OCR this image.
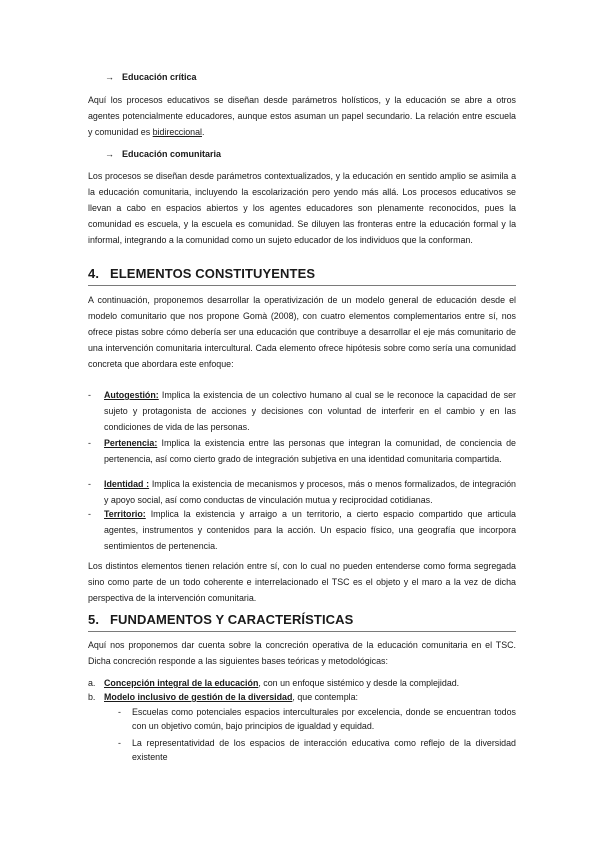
→ Educación crítica

Aquí los procesos educativos se diseñan desde parámetros holísticos, y la educación se abre a otros agentes potencialmente educadores, aunque estos asuman un papel secundario. La relación entre escuela y comunidad es bidireccional.

→ Educación comunitaria

Los procesos se diseñan desde parámetros contextualizados, y la educación en sentido amplio se asimila a la educación comunitaria, incluyendo la escolarización pero yendo más allá. Los procesos educativos se llevan a cabo en espacios abiertos y los agentes educadores son plenamente reconocidos, pues la comunidad es escuela, y la escuela es comunidad. Se diluyen las fronteras entre la educación formal y la informal, integrando a la comunidad como un sujeto educador de los individuos que la conforman.

4. ELEMENTOS CONSTITUYENTES

A continuación, proponemos desarrollar la operativización de un modelo general de educación desde el modelo comunitario que nos propone Gomà (2008), con cuatro elementos complementarios entre sí, nos ofrece pistas sobre cómo debería ser una educación que contribuye a desarrollar el eje más comunitario de una intervención comunitaria intercultural. Cada elemento ofrece hipótesis sobre como sería una comunidad concreta que abordara este enfoque:

- Autogestión: Implica la existencia de un colectivo humano al cual se le reconoce la capacidad de ser sujeto y protagonista de acciones y decisiones con voluntad de interferir en el cambio y en las condiciones de vida de las personas.
- Pertenencia: Implica la existencia entre las personas que integran la comunidad, de conciencia de pertenencia, así como cierto grado de integración subjetiva en una identidad comunitaria compartida.
- Identidad : Implica la existencia de mecanismos y procesos, más o menos formalizados, de integración y apoyo social, así como conductas de vinculación mutua y reciprocidad cotidianas.
- Territorio: Implica la existencia y arraigo a un territorio, a cierto espacio compartido que articula agentes, instrumentos y contenidos para la acción. Un espacio físico, una geografía que incorpora sentimientos de pertenencia.

Los distintos elementos tienen relación entre sí, con lo cual no pueden entenderse como forma segregada sino como parte de un todo coherente e interrelacionado el TSC es el objeto y el maro a la vez de dicha perspectiva de la intervención comunitaria.

5. FUNDAMENTOS Y CARACTERÍSTICAS

Aquí nos proponemos dar cuenta sobre la concreción operativa de la educación comunitaria en el TSC. Dicha concreción responde a las siguientes bases teóricas y metodológicas:

a. Concepción integral de la educación, con un enfoque sistémico y desde la complejidad.
b. Modelo inclusivo de gestión de la diversidad, que contempla:
- Escuelas como potenciales espacios interculturales por excelencia, donde se encuentran todos con un objetivo común, bajo principios de igualdad y equidad.
- La representatividad de los espacios de interacción educativa como reflejo de la diversidad existente
